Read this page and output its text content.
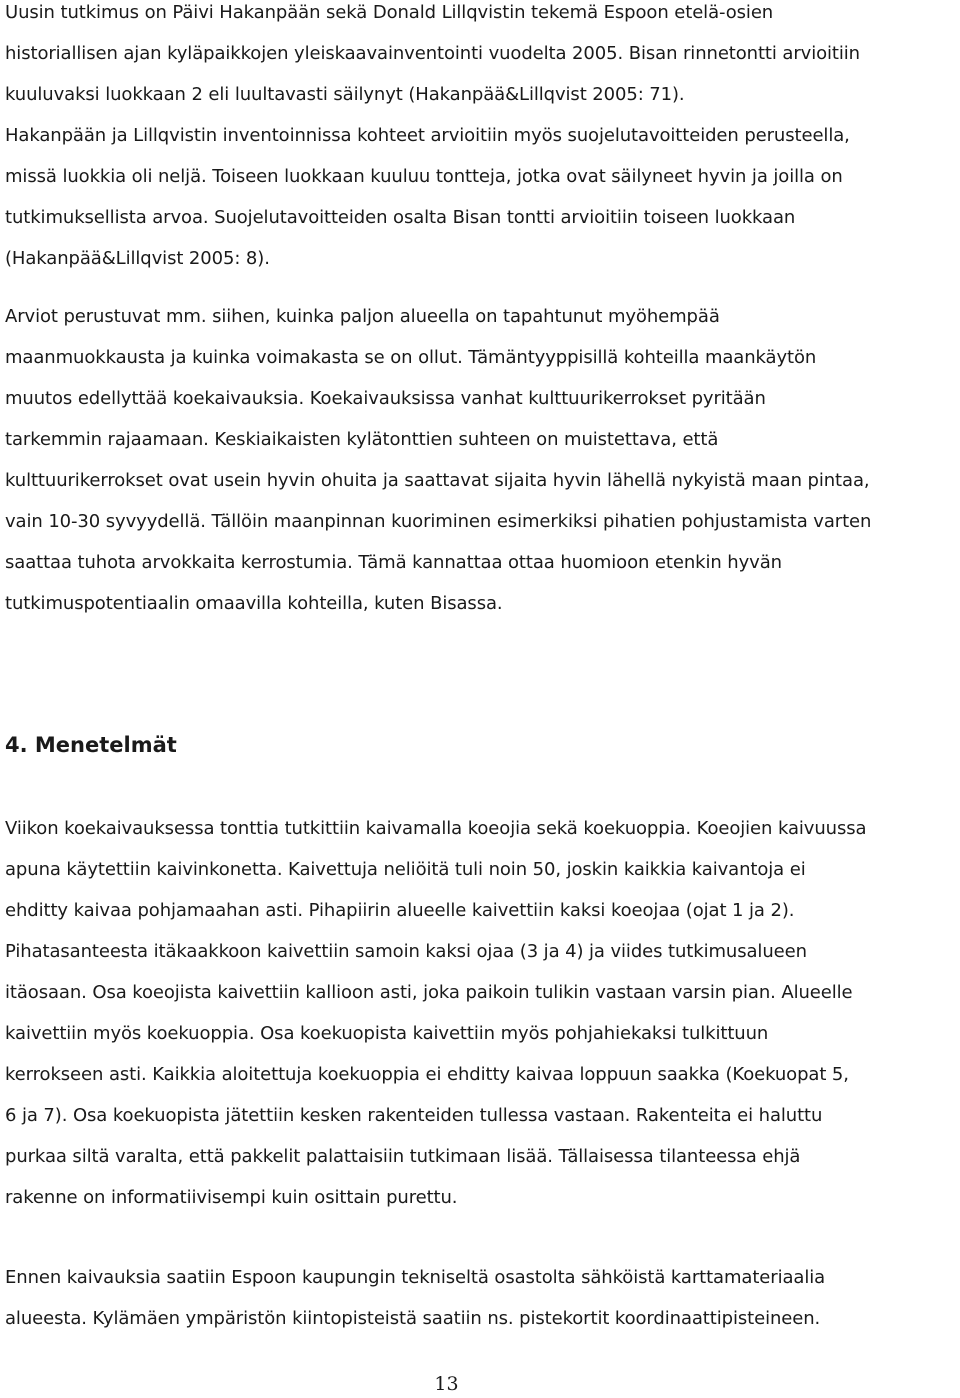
Uusin tutkimus on Päivi Hakanpään sekä Donald Lillqvistin tekemä Espoon etelä-osien
historiallisen ajan kyläpaikkojen yleiskaavainventointi vuodelta 2005. Bisan rinnetontti arvioitiin
kuuluvaksi luokkaan 2 eli luultavasti säilynyt (Hakanpää&Lillqvist 2005: 71).
Hakanpään ja Lillqvistin inventoinnissa kohteet arvioitiin myös suojelutavoitteiden perusteella,
missä luokkia oli neljä. Toiseen luokkaan kuuluu tontteja, jotka ovat säilyneet hyvin ja joilla on
tutkimuksellista arvoa. Suojelutavoitteiden osalta Bisan tontti arvioitiin toiseen luokkaan
(Hakanpää&Lillqvist 2005: 8).
Arviot perustuvat mm. siihen, kuinka paljon alueella on tapahtunut myöhempää
maanmuokkausta ja kuinka voimakasta se on ollut. Tämäntyyppisillä kohteilla maankäytön
muutos edellyttää koekaivauksia. Koekaivauksissa vanhat kulttuurikerrokset pyritään
tarkemmin rajaamaan. Keskiaikaisten kylätonttien suhteen on muistettava, että
kulttuurikerrokset ovat usein hyvin ohuita ja saattavat sijaita hyvin lähellä nykyistä maan pintaa,
vain 10-30 syvyydellä. Tällöin maanpinnan kuoriminen esimerkiksi pihatien pohjustamista varten
saattaa tuhota arvokkaita kerrostumia. Tämä kannattaa ottaa huomioon etenkin hyvän
tutkimuspotentiaalin omaavilla kohteilla, kuten Bisassa.
4. Menetelmät
Viikon koekaivauksessa tonttia tutkittiin kaivamalla koeojia sekä koekuoppia. Koeojien kaivuussa
apuna käytettiin kaivinkonetta. Kaivettuja neliöitä tuli noin 50, joskin kaikkia kaivantoja ei
ehditty kaivaa pohjamaahan asti. Pihapiirin alueelle kaivettiin kaksi koeojaa (ojat 1 ja 2).
Pihatasanteesta itäkaakkoon kaivettiin samoin kaksi ojaa (3 ja 4) ja viides tutkimusalueen
itäosaan. Osa koeojista kaivettiin kallioon asti, joka paikoin tulikin vastaan varsin pian. Alueelle
kaivettiin myös koekuoppia. Osa koekuopista kaivettiin myös pohjahiekaksi tulkittuun
kerrokseen asti. Kaikkia aloitettuja koekuoppia ei ehditty kaivaa loppuun saakka (Koekuopat 5,
6 ja 7). Osa koekuopista jätettiin kesken rakenteiden tullessa vastaan. Rakenteita ei haluttu
purkaa siltä varalta, että pakkelit palattaisiin tutkimaan lisää. Tällaisessa tilanteessa ehjä
rakenne on informatiivisempi kuin osittain purettu.
Ennen kaivauksia saatiin Espoon kaupungin tekniseltä osastolta sähköistä karttamateriaalia
alueesta. Kylämäen ympäristön kiintopisteistä saatiin ns. pistekortit koordinaattipisteineen.
13
